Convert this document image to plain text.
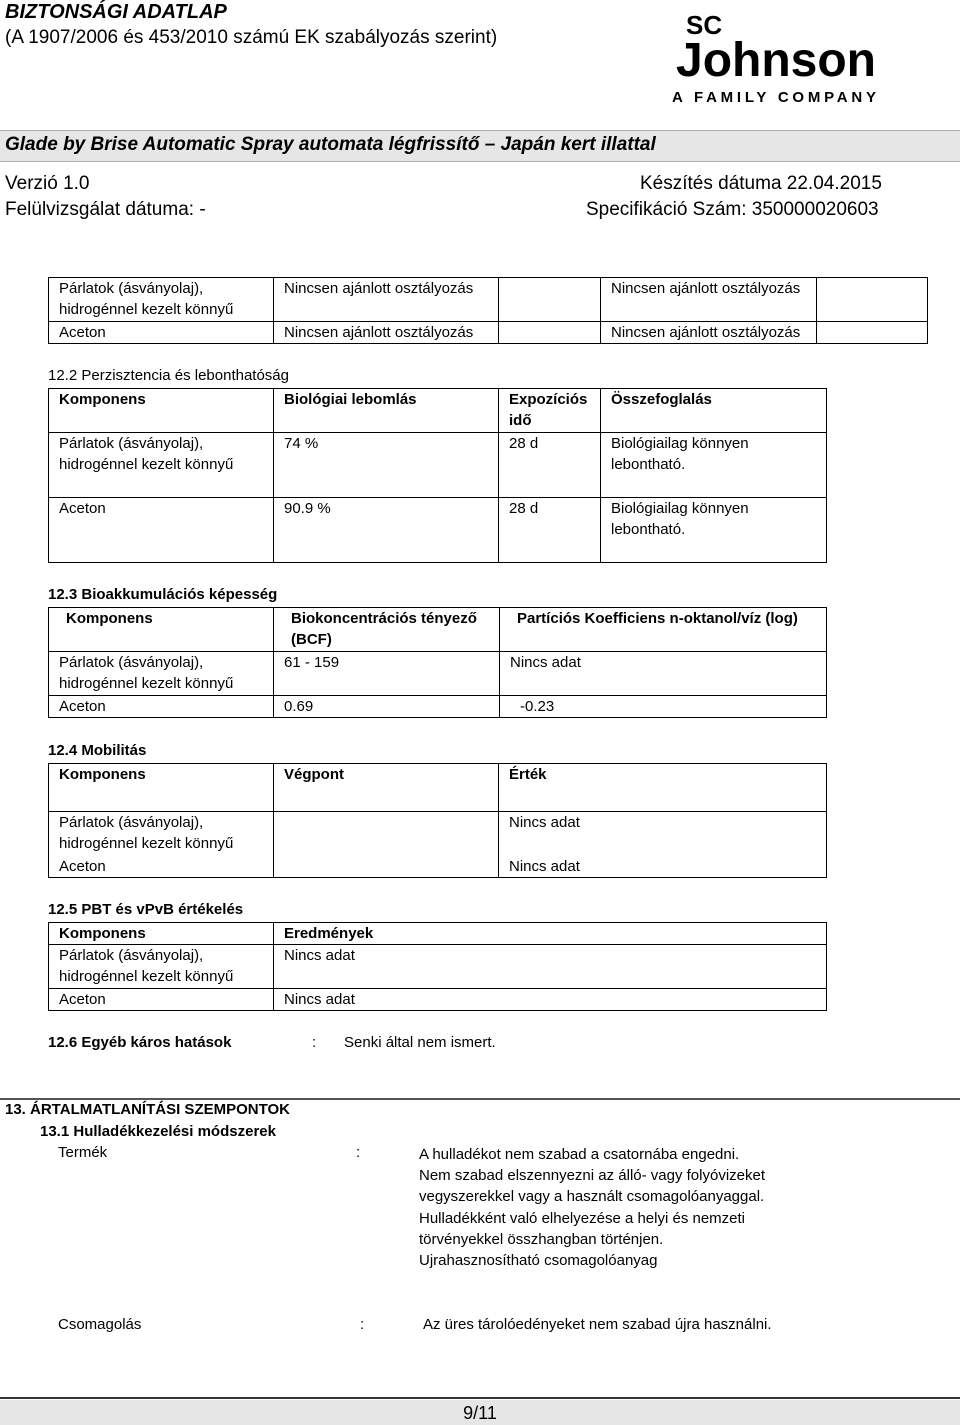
BIZTONSÁGI ADATLAP
(A 1907/2006 és 453/2010 számú EK szabályozás szerint)	SC
Johnson
A FAMILY COMPANY
Glade by Brise Automatic Spray automata légfrissítő – Japán kert illattal
Verzió 1.0
Felülvizsgálat dátuma: -
Készítés dátuma 22.04.2015
Specifikáció Szám: 350000020603
Párlatok (ásványolaj), hidrogénnel kezelt könnyű	Nincsen ajánlott osztályozás		Nincsen ajánlott osztályozás	
Aceton	Nincsen ajánlott osztályozás		Nincsen ajánlott osztályozás	
12.2 Perzisztencia és lebonthatóság
Komponens	Biológiai lebomlás	Expozíciós idő	Összefoglalás
Párlatok (ásványolaj), hidrogénnel kezelt könnyű	74 %	28 d	Biológiailag könnyen lebontható.
Aceton	90.9 %	28 d	Biológiailag könnyen lebontható.
12.3 Bioakkumulációs képesség
Komponens	Biokoncentrációs tényező (BCF)	Partíciós Koefficiens n-oktanol/víz (log)
Párlatok (ásványolaj), hidrogénnel kezelt könnyű	61 - 159	Nincs adat
Aceton	0.69	-0.23
12.4 Mobilitás
Komponens	Végpont	Érték
Párlatok (ásványolaj), hidrogénnel kezelt könnyű		Nincs adat
Aceton		Nincs adat
12.5 PBT és vPvB értékelés
Komponens	Eredmények
Párlatok (ásványolaj), hidrogénnel kezelt könnyű	Nincs adat
Aceton	Nincs adat
12.6 Egyéb káros hatások	: Senki által nem ismert.
13. ÁRTALMATLANÍTÁSI SZEMPONTOK
13.1 Hulladékkezelési módszerek
Termék	:	A hulladékot nem szabad a csatornába engedni.
Nem szabad elszennyezni az álló- vagy folyóvizeket
vegyszerekkel vagy a használt csomagolóanyaggal.
Hulladékként való elhelyezése a helyi és nemzeti
törvényekkel összhangban történjen.
Ujrahasznosítható csomagolóanyag
Csomagolás	:	Az üres tárolóedényeket nem szabad újra használni.
9/11
